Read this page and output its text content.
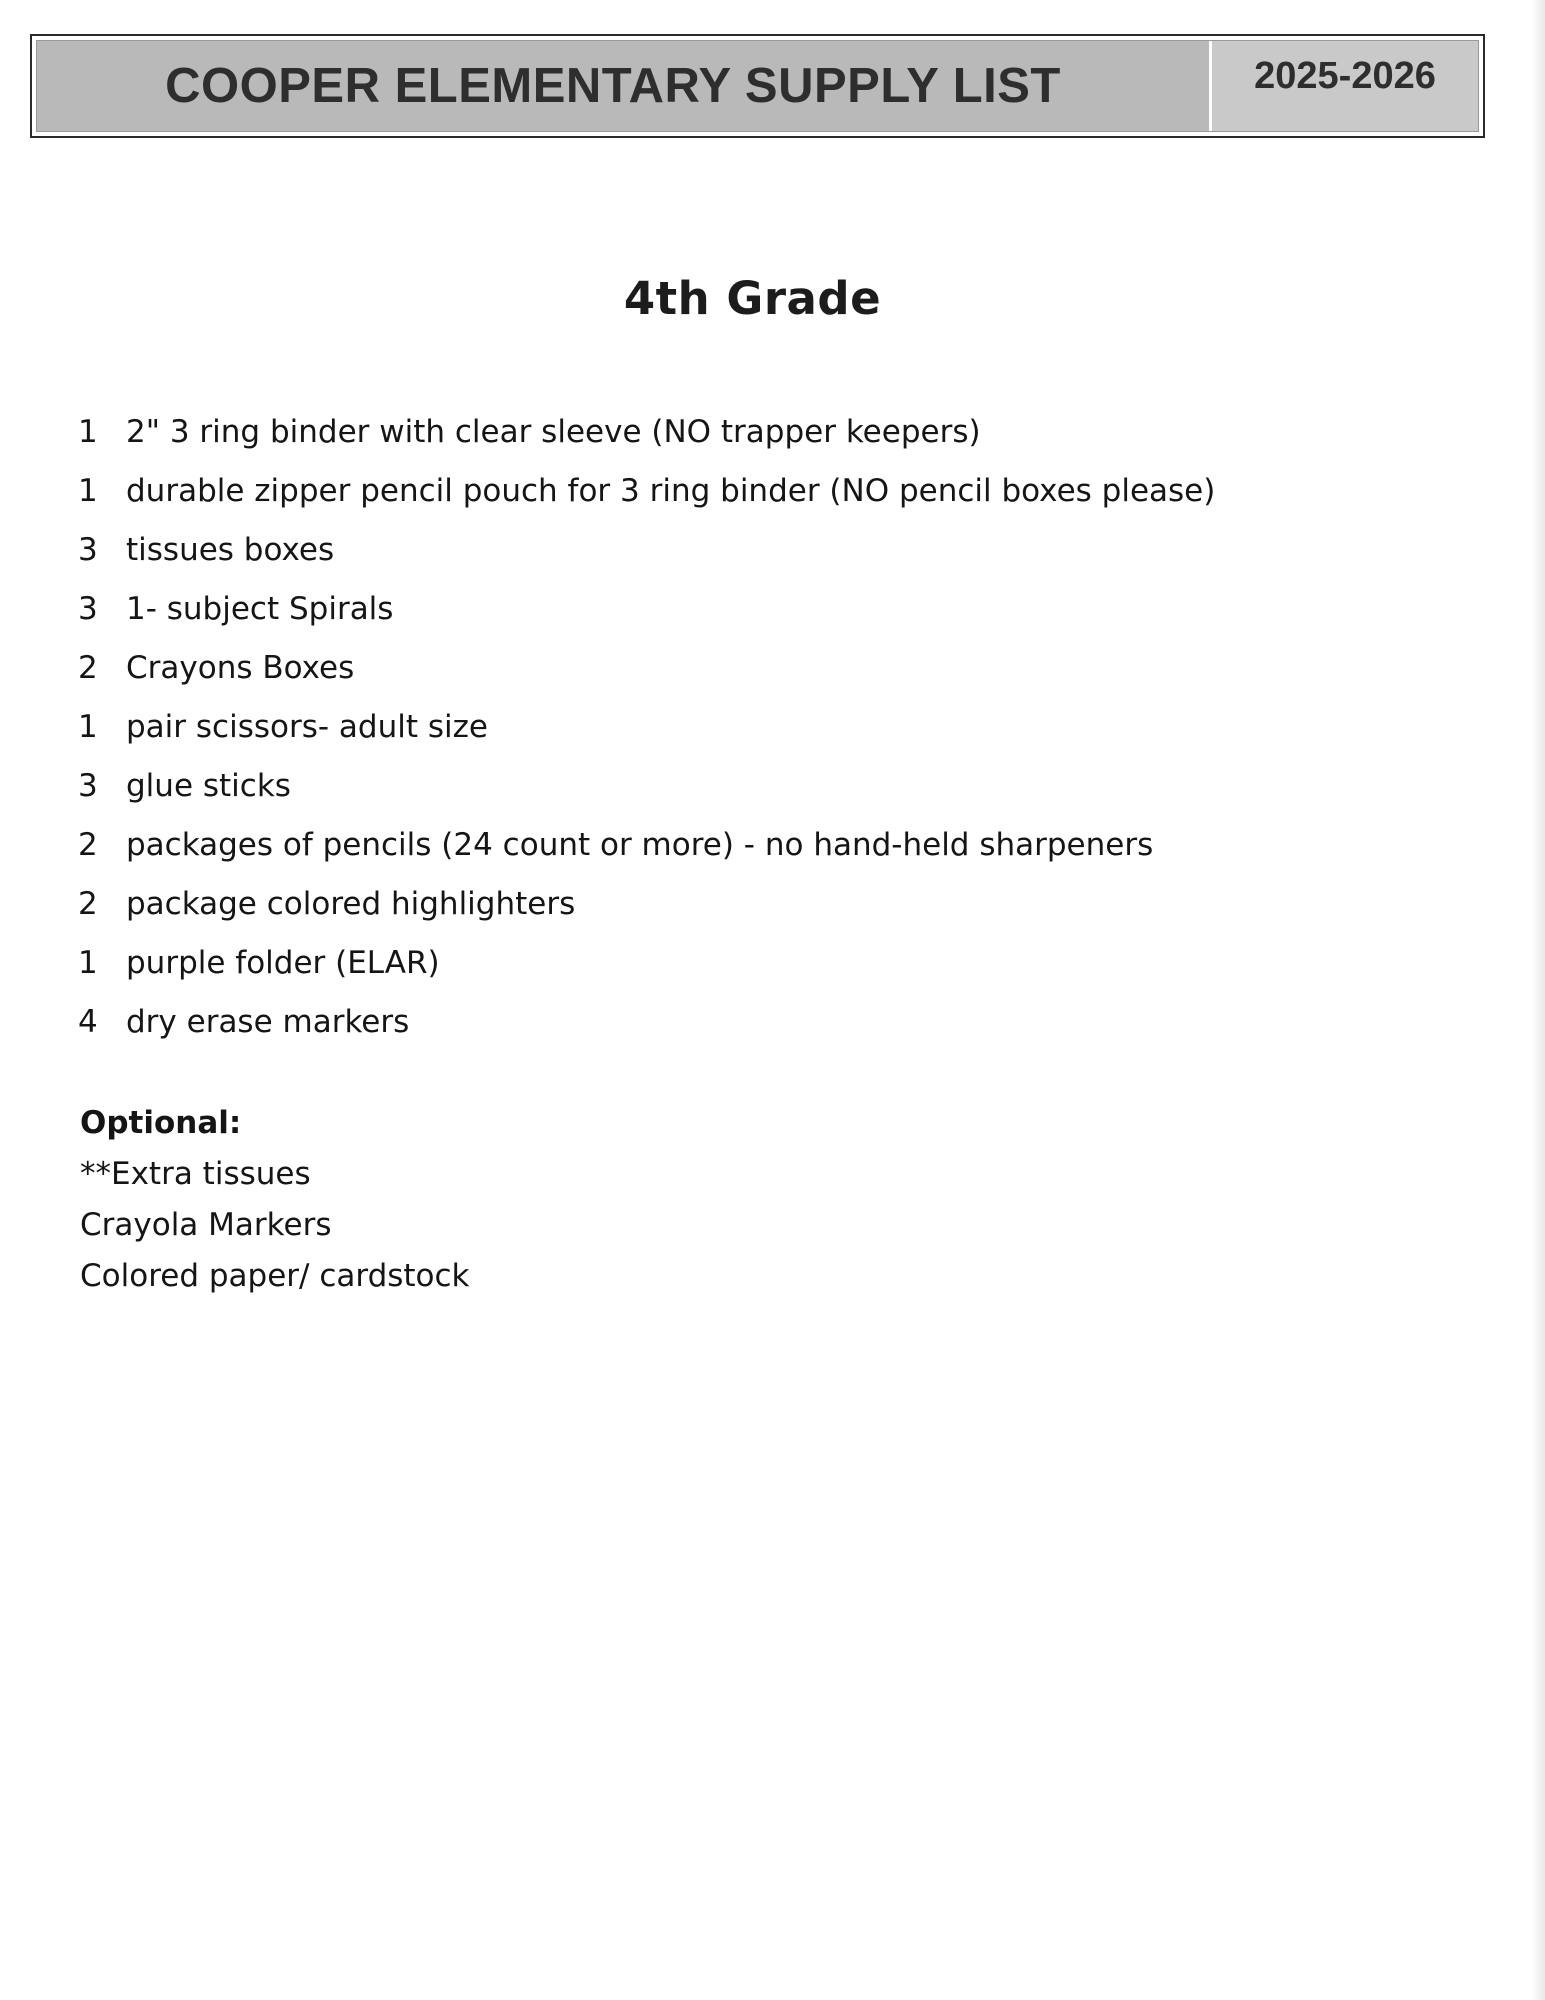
COOPER ELEMENTARY SUPPLY LIST	2025-2026
4th Grade
1 2" 3 ring binder with clear sleeve (NO trapper keepers)
1 durable zipper pencil pouch for 3 ring binder (NO pencil boxes please)
3 tissues boxes
3 1- subject Spirals
2 Crayons Boxes
1 pair scissors- adult size
3 glue sticks
2 packages of pencils (24 count or more) - no hand-held sharpeners
2 package colored highlighters
1 purple folder (ELAR)
4 dry erase markers
Optional:
**Extra tissues
Crayola Markers
Colored paper/ cardstock
